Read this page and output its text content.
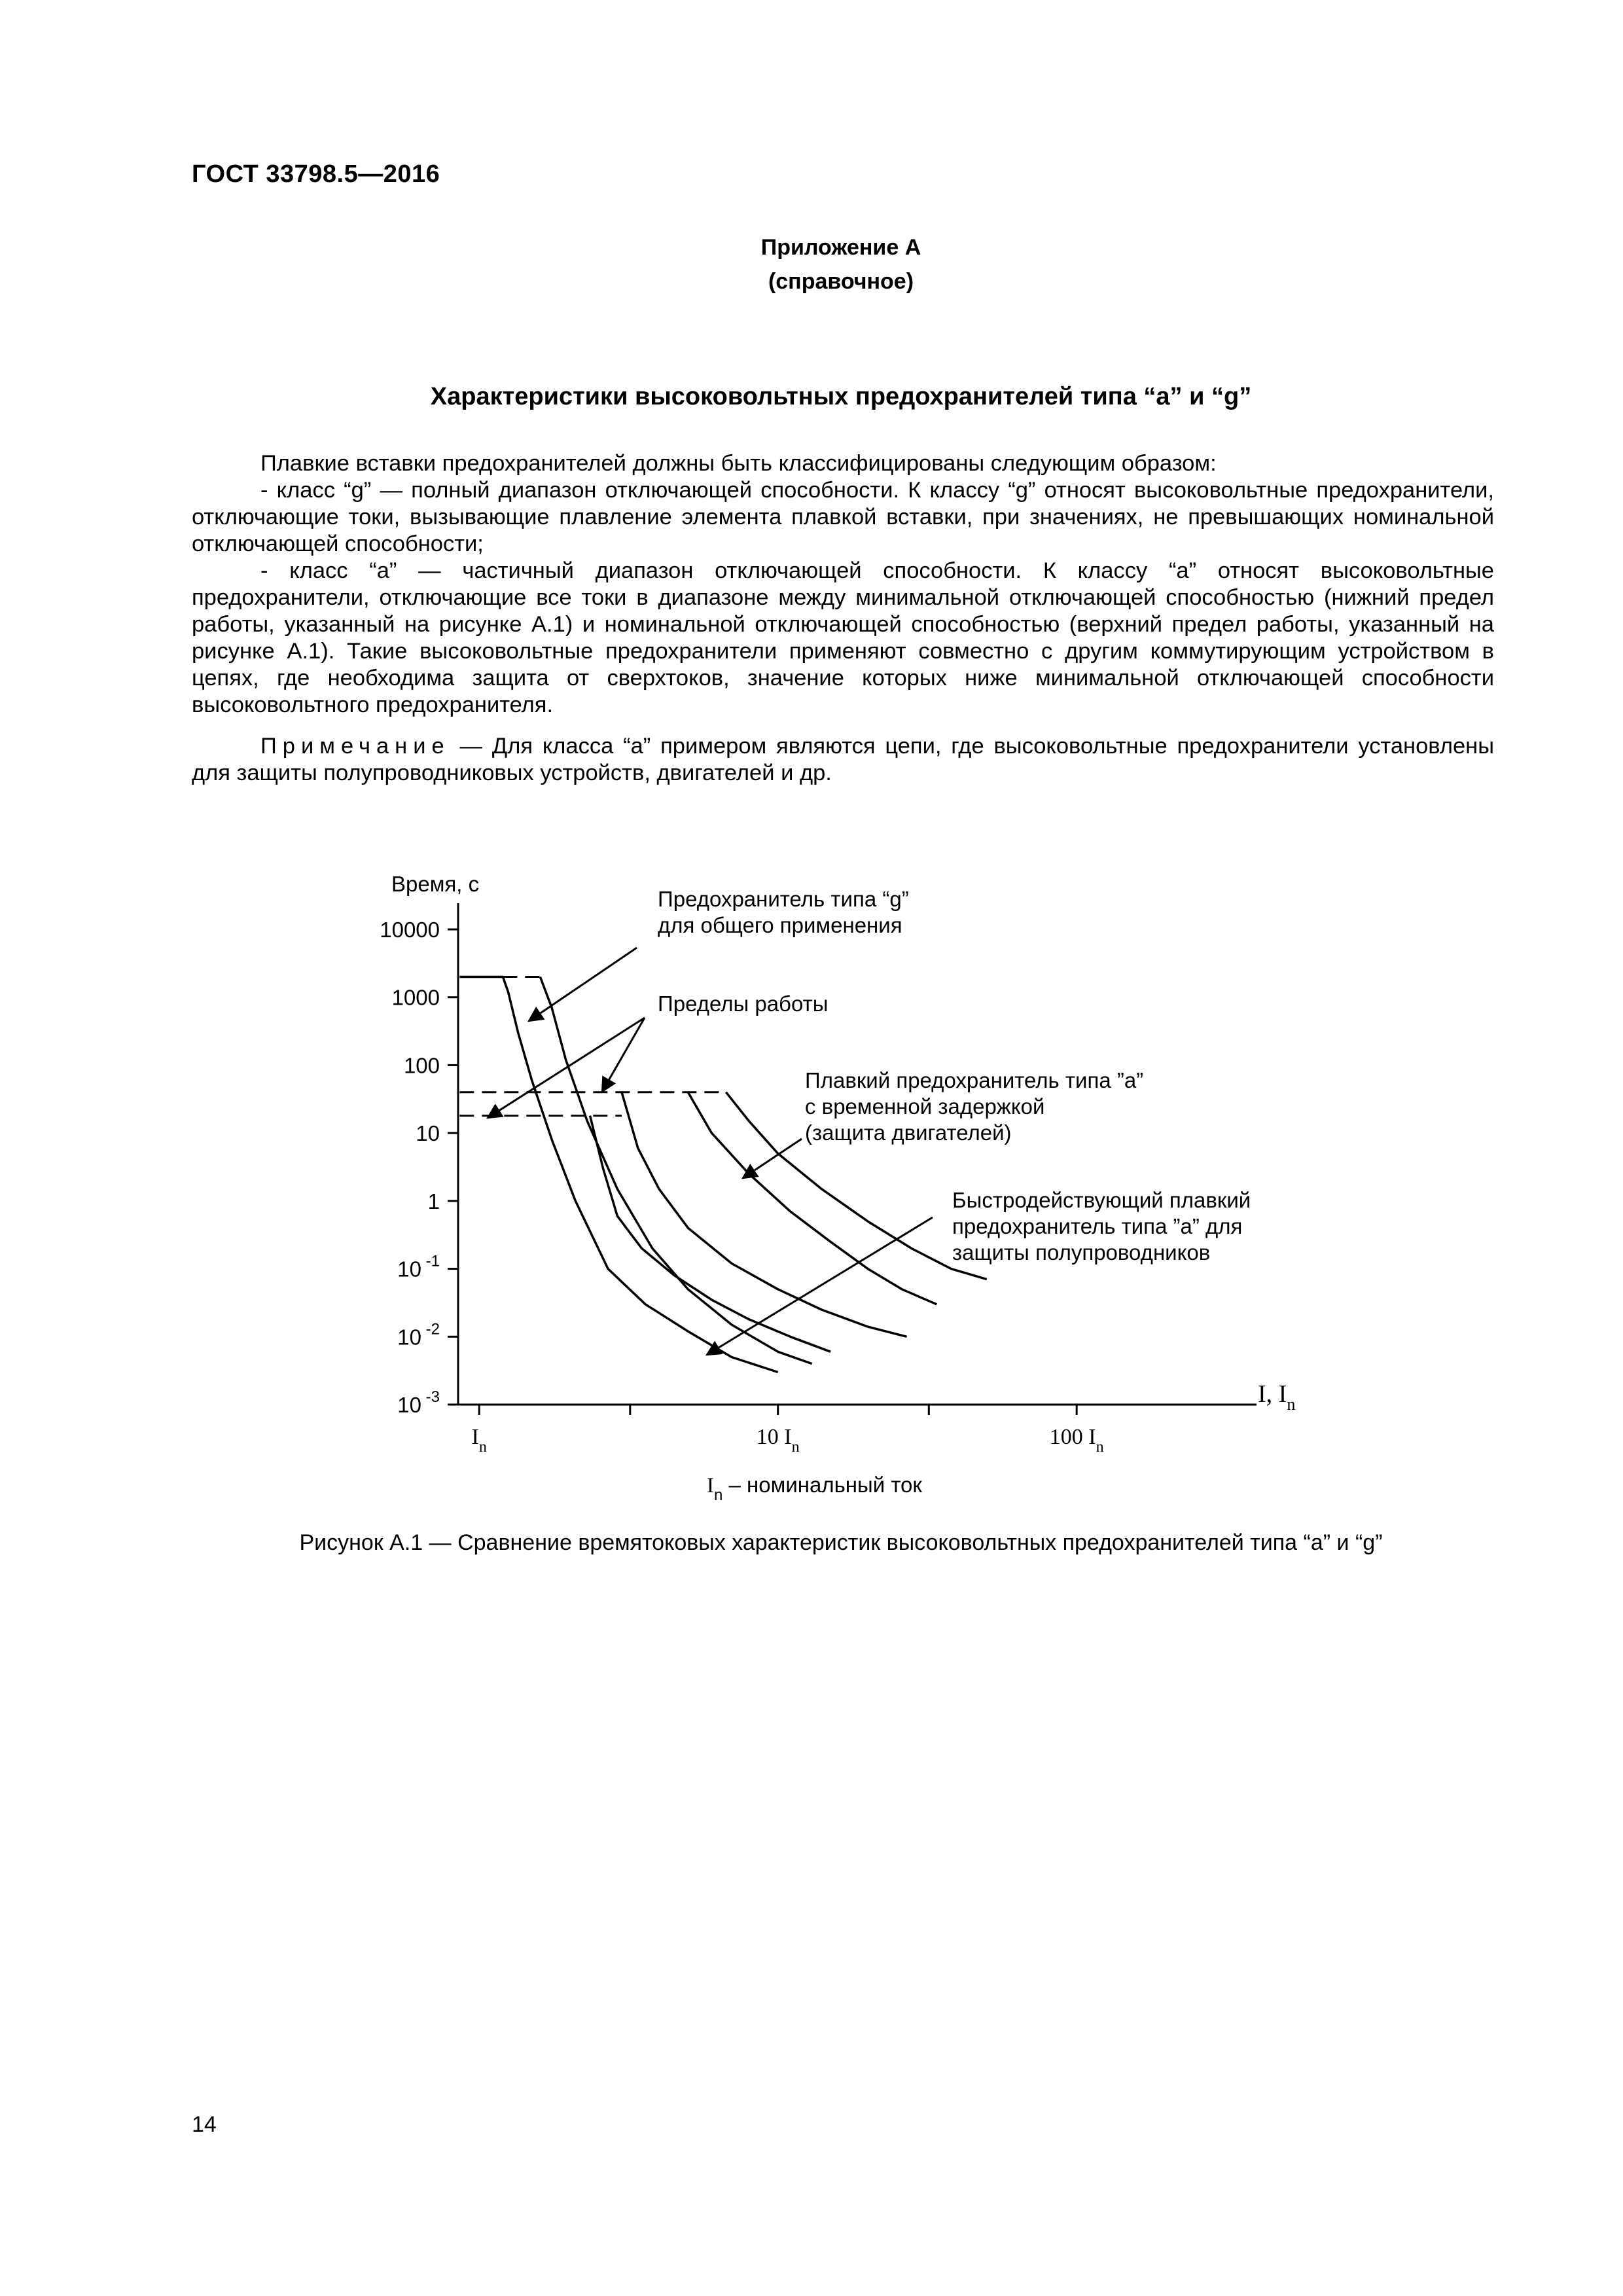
ГОСТ 33798.5—2016
Приложение А
(справочное)
Характеристики высоковольтных предохранителей типа “a” и “g”

Плавкие вставки предохранителей должны быть классифицированы следующим образом:

- класс “g” — полный диапазон отключающей способности. К классу “g” относят высоковольтные предохранители, отключающие токи, вызывающие плавление элемента плавкой вставки, при значениях, не превышающих номинальной отключающей способности;

- класс “a” — частичный диапазон отключающей способности. К классу “a” относят высоковольтные предохранители, отключающие все токи в диапазоне между минимальной отключающей способностью (нижний предел работы, указанный на рисунке А.1) и номинальной отключающей способностью (верхний предел работы, указанный на рисунке А.1). Такие высоковольтные предохранители применяют совместно с другим коммутирующим устройством в цепях, где необходима защита от сверхтоков, значение которых ниже минимальной отключающей способности высоковольтного предохранителя.

Примечание — Для класса “a” примером являются цепи, где высоковольтные предохранители установлены для защиты полупроводниковых устройств, двигателей и др.

Время, с
10000
1000
100
10
1
10 $^{-1}$
10 $^{-2}$
10 $^{-3}$
$I_n$	10 $I_n$	100 $I_n$
I, $I_n$
$I_n$ – номинальный ток
Предохранитель типа “g”
для общего применения
Пределы работы
Плавкий предохранитель типа ”a”
с временной задержкой
(защита двигателей)
Быстродействующий плавкий
предохранитель типа ”a” для
защиты полупроводников
Рисунок А.1 — Сравнение времятоковых характеристик высоковольтных предохранителей типа “a” и “g”
14
